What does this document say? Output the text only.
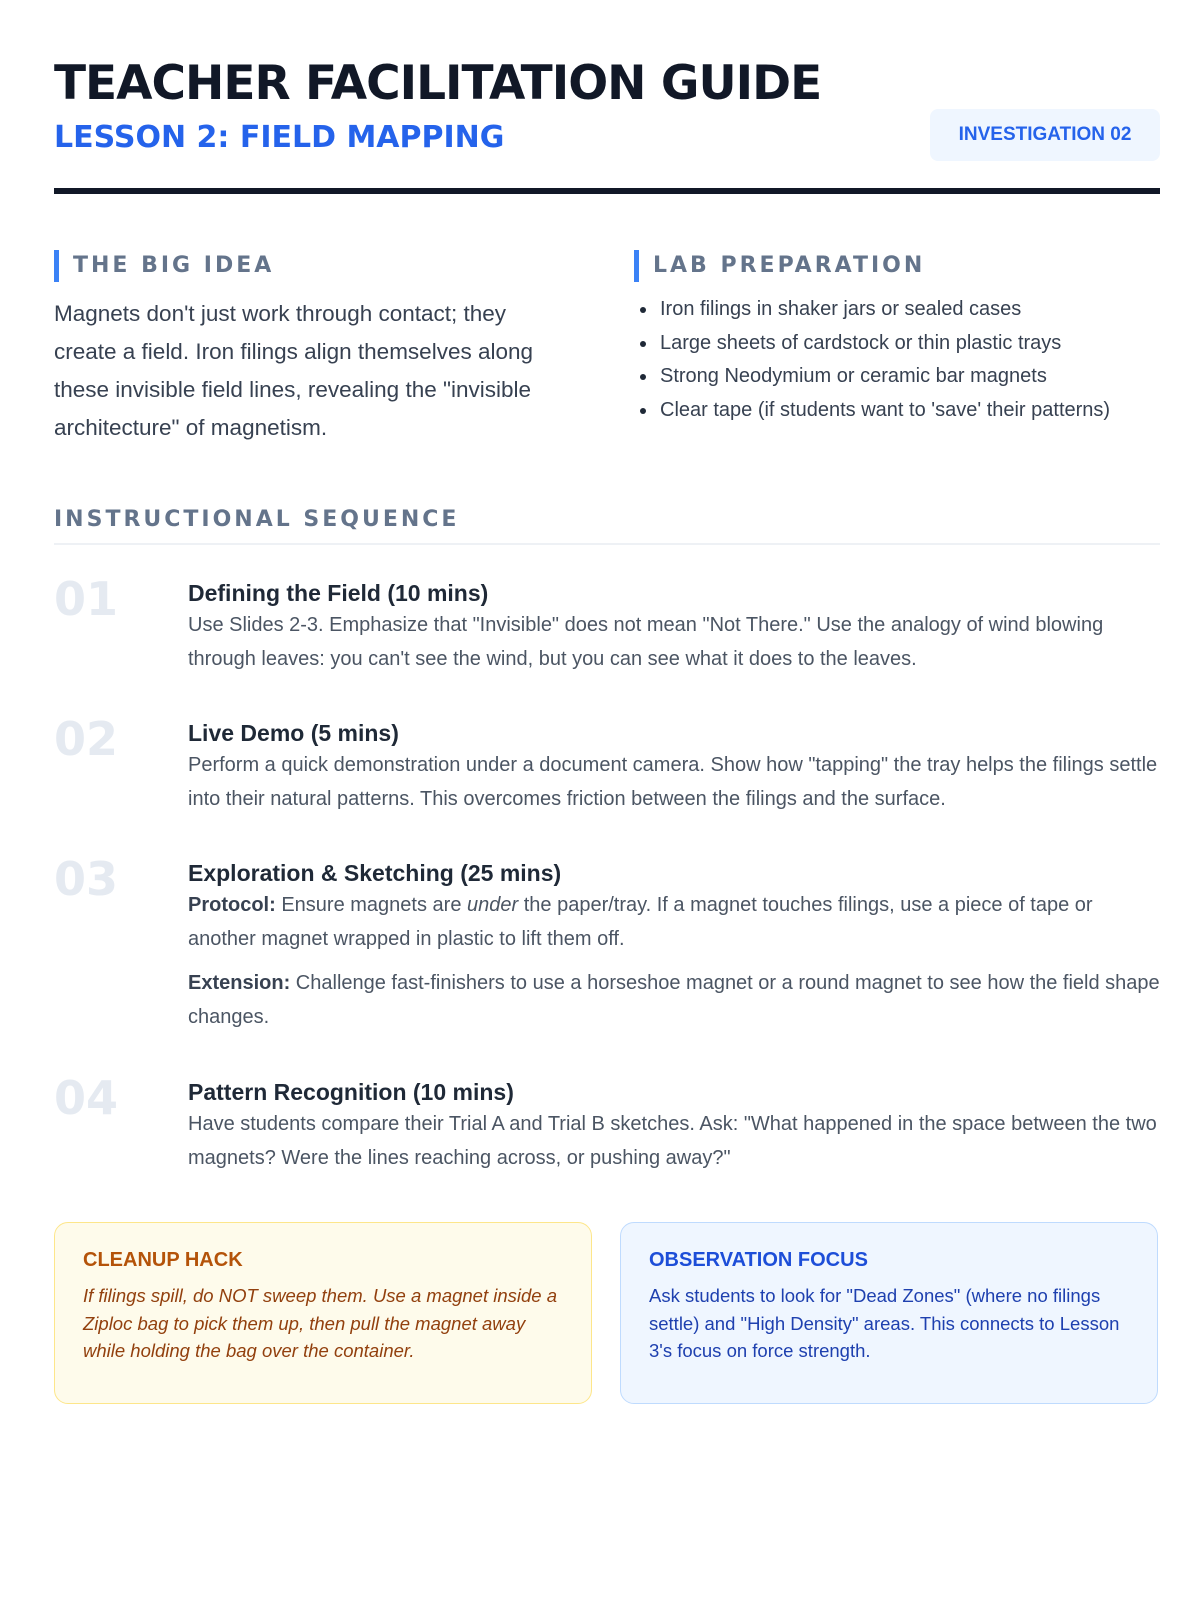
TEACHER FACILITATION GUIDE
LESSON 2: FIELD MAPPING	INVESTIGATION 02
THE BIG IDEA

Magnets don't just work through contact; they create a field. Iron filings align themselves along these invisible field lines, revealing the "invisible architecture" of magnetism.

LAB PREPARATION
Iron filings in shaker jars or sealed cases
Large sheets of cardstock or thin plastic trays
Strong Neodymium or ceramic bar magnets
Clear tape (if students want to 'save' their patterns)
INSTRUCTIONAL SEQUENCE
01	Defining the Field (10 mins)

Use Slides 2-3. Emphasize that "Invisible" does not mean "Not There." Use the analogy of wind blowing through leaves: you can't see the wind, but you can see what it does to the leaves.

02	Live Demo (5 mins)

Perform a quick demonstration under a document camera. Show how "tapping" the tray helps the filings settle into their natural patterns. This overcomes friction between the filings and the surface.

03	Exploration & Sketching (25 mins)

Protocol: Ensure magnets are under the paper/tray. If a magnet touches filings, use a piece of tape or another magnet wrapped in plastic to lift them off.

Extension: Challenge fast-finishers to use a horseshoe magnet or a round magnet to see how the field shape changes.

04	Pattern Recognition (10 mins)

Have students compare their Trial A and Trial B sketches. Ask: "What happened in the space between the two magnets? Were the lines reaching across, or pushing away?"

CLEANUP HACK

If filings spill, do NOT sweep them. Use a magnet inside a Ziploc bag to pick them up, then pull the magnet away while holding the bag over the container.

OBSERVATION FOCUS

Ask students to look for "Dead Zones" (where no filings settle) and "High Density" areas. This connects to Lesson 3's focus on force strength.
